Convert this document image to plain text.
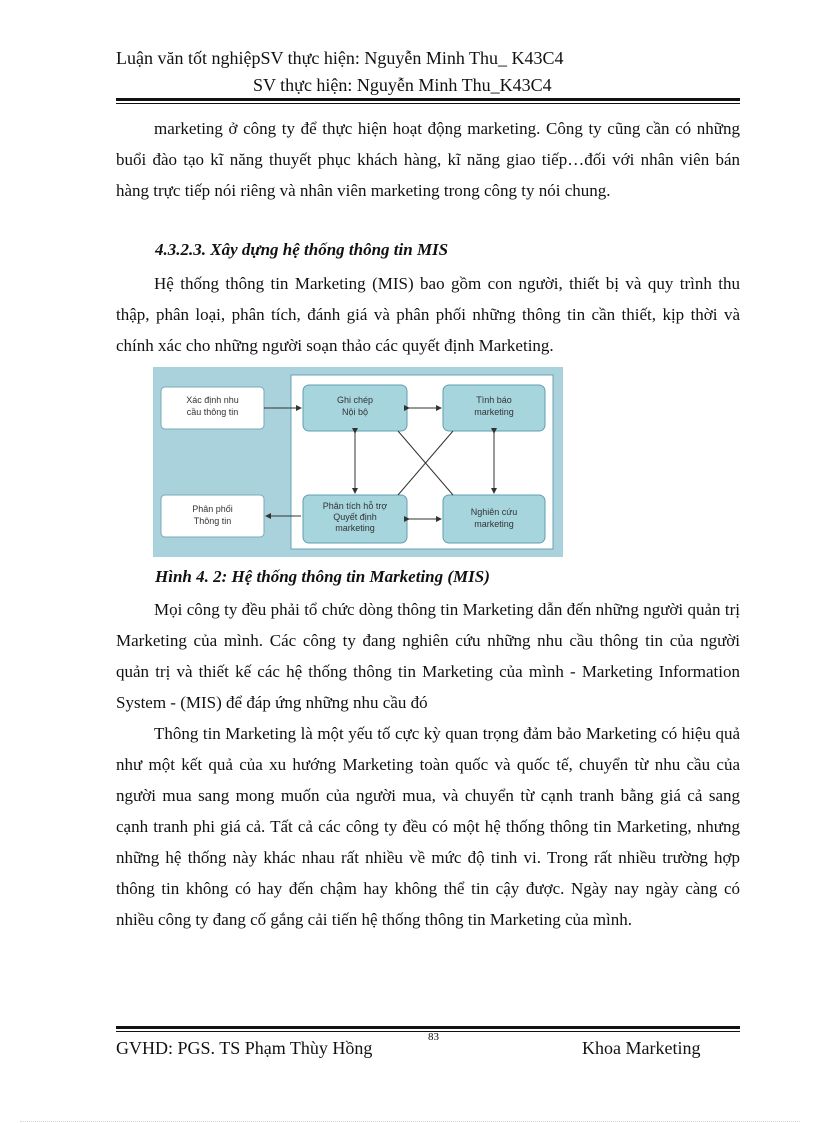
Luận văn tốt nghiệpSV thực hiện: Nguyễn Minh Thu_ K43C4
SV thực hiện: Nguyễn Minh Thu_K43C4

marketing ở công ty để thực hiện hoạt động marketing. Công ty cũng cần có những buổi đào tạo kĩ năng thuyết phục khách hàng, kĩ năng giao tiếp…đối với nhân viên bán hàng trực tiếp nói riêng và nhân viên marketing trong công ty nói chung.

4.3.2.3. Xây dựng hệ thống thông tin MIS

Hệ thống thông tin Marketing (MIS) bao gồm con người, thiết bị và quy trình thu thập, phân loại, phân tích, đánh giá và phân phối những thông tin cần thiết, kịp thời và chính xác cho những người soạn thảo các quyết định Marketing.

Xác định nhu
cầu thông tin
Phân phối
Thông tin
Ghi chép
Nội bộ
Tình báo
marketing
Phân tích hỗ trợ
Quyết định
marketing
Nghiên cứu
marketing
Hình 4. 2: Hệ thống thông tin Marketing (MIS)

Mọi công ty đều phải tổ chức dòng thông tin Marketing dẫn đến những người quản trị Marketing của mình. Các công ty đang nghiên cứu những nhu cầu thông tin của người quản trị và thiết kế các hệ thống thông tin Marketing của mình - Marketing Information System - (MIS) để đáp ứng những nhu cầu đó

Thông tin Marketing là một yếu tố cực kỳ quan trọng đảm bảo Marketing có hiệu quả như một kết quả của xu hướng Marketing toàn quốc và quốc tế, chuyển từ nhu cầu của người mua sang mong muốn của người mua, và chuyển từ cạnh tranh bằng giá cả sang cạnh tranh phi giá cả. Tất cả các công ty đều có một hệ thống thông tin Marketing, nhưng những hệ thống này khác nhau rất nhiều về mức độ tinh vi. Trong rất nhiều trường hợp thông tin không có hay đến chậm hay không thể tin cậy được. Ngày nay ngày càng có nhiều công ty đang cố gắng cải tiến hệ thống thông tin Marketing của mình.

GVHD: PGS. TS Phạm Thùy Hồng
83
Khoa Marketing
